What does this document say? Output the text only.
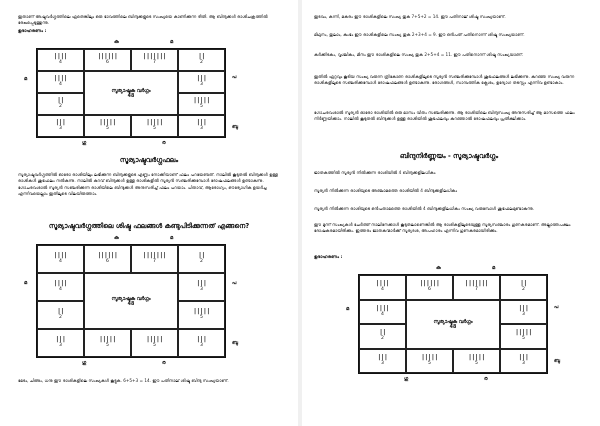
ഇതാണ് അഷ്ടവർഗ്ഗത്തിലെ ഏതെങ്കിലും ഒരു ഭാവത്തിലെ ബിന്ദുക്കളുടെ സംഖ്യയെ കാണിക്കുന്ന രീതി. ആ ബിന്ദുക്കൾ രാശിചക്രത്തിൽ രേഖപ്പെടുത്തുന്നു.

ഉദാഹരണം :

ക	മ
മ	പ
ബു
ഗു	ര
||||
4
||||||
6
|||||||
7
||
2
||||
4
|||
3
സൂര്യാഷ്ടക വർഗ്ഗം
48
||
2
|||||
5
|||
3
|||||
5
|||||
5
|||
3

സൂര്യാഷ്ടവർഗ്ഗഫലം

സൂര്യാഷ്ടവർഗ്ഗത്തിൽ ഓരോ രാശിയിലും ലഭിക്കുന്ന ബിന്ദുക്കളുടെ എണ്ണം നോക്കിയാണ് ഫലം പറയേണ്ടത്. നാലിൽ കൂടുതൽ ബിന്ദുക്കൾ ഉള്ള രാശികൾ ശുഭഫലം നൽകുന്നു. നാലിൽ കുറവ് ബിന്ദുക്കൾ ഉള്ള രാശികളിൽ സൂര്യൻ സഞ്ചരിക്കുമ്പോൾ ദോഷഫലങ്ങൾ ഉണ്ടാകുന്നു. ഗോചരവശാൽ സൂര്യൻ സഞ്ചരിക്കുന്ന രാശിയിലെ ബിന്ദുക്കൾ അനുസരിച്ച് ഫലം പറയാം. പിതാവ്, ആരോഗ്യം, ഔദ്യോഗിക ഉയർച്ച എന്നിവയെല്ലാം ഇതിലൂടെ വിലയിരുത്താം.

സൂര്യാഷ്ടവർഗ്ഗത്തിലെ ശിഷ്ട ഫലങ്ങൾ കണ്ടുപിടിക്കുന്നത് എങ്ങനെ?

ക	മ
മ	പ
ബു
ഗു	ര
||||
4
||||||
6
|||||||
7
||
2
||||
4
|||
3
സൂര്യാഷ്ടക വർഗ്ഗം
48
||
2
|||||
5
|||
3
|||||
5
|||||
5
|||
3

മേടം, ചിങ്ങം, ധനു ഈ രാശികളിലെ സംഖ്യകൾ കൂട്ടുക. 6+5+3 = 14. ഈ പതിനാല് ശിഷ്ട ബിന്ദു സംഖ്യയാണ്.

ഇടവം, കന്നി, മകരം ഈ രാശികളിലെ സംഖ്യ തുക 7+5+2 = 14. ഈ പതിനാല് ശിഷ്ട സംഖ്യയാണ്.

മിഥുനം, തുലാം, കുംഭം ഈ രാശികളിലെ സംഖ്യ തുക 2+3+4 = 9. ഈ ഒൻപത് പതിനൊന്ന് ശിഷ്ട സംഖ്യയാണ്.

കർക്കിടകം, വൃശ്ചികം, മീനം ഈ രാശികളിലെ സംഖ്യ തുക 2+5+4 = 11. ഈ പതിനൊന്ന് ശിഷ്ട സംഖ്യയാണ്.

ഇതിൽ ഏറ്റവും കൂടിയ സംഖ്യ വരുന്ന ത്രികോണ രാശികളിലൂടെ സൂര്യൻ സഞ്ചരിക്കുമ്പോൾ ശുഭഫലങ്ങൾ ലഭിക്കുന്നു. കുറഞ്ഞ സംഖ്യ വരുന്ന രാശികളിലൂടെ സഞ്ചരിക്കുമ്പോൾ ദോഷഫലങ്ങൾ ഉണ്ടാകുന്നു. രോഗങ്ങൾ, സാമ്പത്തിക ക്ലേശം, ഉദ്യോഗ തടസ്സം എന്നിവ ഉണ്ടാകാം.

ഗോചരവശാൽ സൂര്യൻ ഓരോ രാശിയിൽ ഒരു മാസം വീതം സഞ്ചരിക്കുന്നു. ആ രാശിയിലെ ബിന്ദുസംഖ്യ അനുസരിച്ച് ആ മാസത്തെ ഫലം നിർണ്ണയിക്കാം. നാലിൽ കൂടുതൽ ബിന്ദുക്കൾ ഉള്ള രാശിയിൽ ശുഭഫലവും കുറഞ്ഞാൽ ദോഷഫലവും പ്രതീക്ഷിക്കാം.

ബിന്ദുനിർണ്ണയം - സൂര്യാഷ്ടവർഗ്ഗം

ജാതകത്തിൽ സൂര്യൻ നിൽക്കുന്ന രാശിയിൽ 4 ബിന്ദുക്കളിലധികം

സൂര്യൻ നിൽക്കുന്ന രാശിയുടെ അഞ്ചാമത്തെ രാശിയിൽ 4 ബിന്ദുക്കളിലധികം

സൂര്യൻ നിൽക്കുന്ന രാശിയുടെ ഒൻപതാമത്തെ രാശിയിൽ 4 ബിന്ദുക്കളിലധികം സംഖ്യ വരുമ്പോൾ ശുഭഫലമുണ്ടാകുന്നു.

ഈ മൂന്ന് സംഖ്യകൾ ചേർത്ത് നാലിനേക്കാൾ കൂടുതലാണെങ്കിൽ ആ രാശികളിലൂടെയുള്ള സൂര്യസഞ്ചാരം ഗുണകരമാണ്. അല്ലാത്തപക്ഷം ദോഷകരമായിരിക്കും. ഇത്തരം ജാതകന്മാർക്ക് സൂര്യദശ, അപഹാരം എന്നിവ ഗുണകരമായിരിക്കും.

ഉദാഹരണം :

ക	മ
മ	പ
ബു
ഗു	ര
||||
4
||||||
6
|||||||
7
||
2
||||
4
|||
3
സൂര്യാഷ്ടക വർഗ്ഗം
48
||
2
|||||
5
|||
3
|||||
5
|||||
5
|||
3
